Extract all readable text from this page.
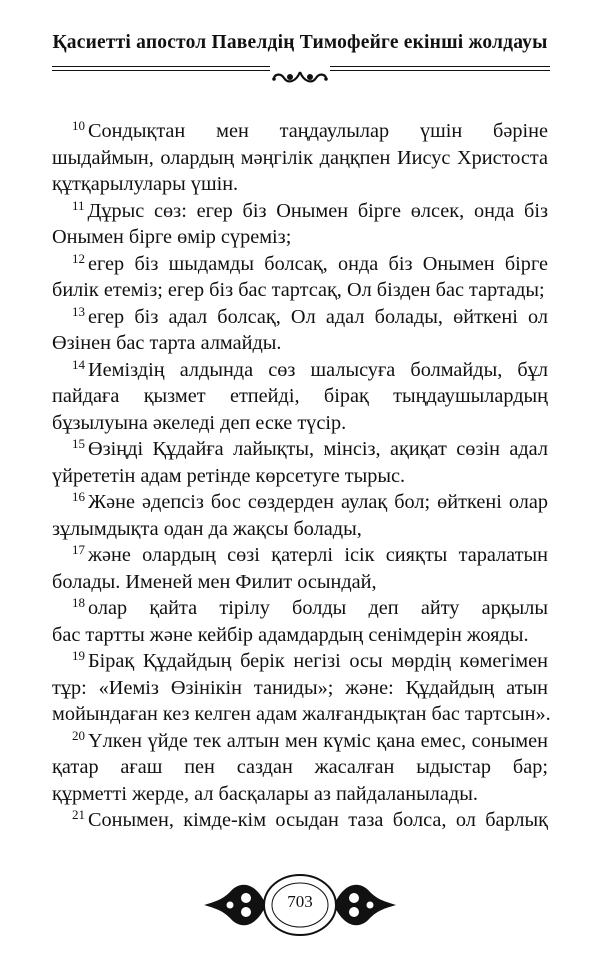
Қасиетті апостол Павелдің Тимофейге екінші жолдауы
$^{10}$ Сондықтан мен таңдаулылар үшін бәріне
шыдаймын, олардың мәңгілік даңқпен Иисус Христоста
құтқарылулары үшін.
$^{11}$ Дұрыс сөз: егер біз Онымен бірге өлсек, онда біз
Онымен бірге өмір сүреміз;
$^{12}$ егер біз шыдамды болсақ, онда біз Онымен бірге
билік етеміз; егер біз бас тартсақ, Ол бізден бас тартады;
$^{13}$ егер біз адал болсақ, Ол адал болады, өйткені ол
Өзінен бас тарта алмайды.
$^{14}$ Иеміздің алдында сөз шалысуға болмайды, бұл
пайдаға қызмет етпейді, бірақ тыңдаушылардың
бұзылуына әкеледі деп еске түсір.
$^{15}$ Өзіңді Құдайға лайықты, мінсіз, ақиқат сөзін адал
үйрететін адам ретінде көрсетуге тырыс.
$^{16}$ Және әдепсіз бос сөздерден аулақ бол; өйткені олар
зұлымдықта одан да жақсы болады,
$^{17}$ және олардың сөзі қатерлі ісік сияқты таралатын
болады. Именей мен Филит осындай,
$^{18}$ олар қайта тірілу болды деп айту арқылы
бас тартты және кейбір адамдардың сенімдерін жояды.
$^{19}$ Бірақ Құдайдың берік негізі осы мөрдің көмегімен
тұр: «Иеміз Өзінікін таниды»; және: Құдайдың атын
мойындаған кез келген адам жалғандықтан бас тартсын».
$^{20}$ Үлкен үйде тек алтын мен күміс қана емес, сонымен
қатар ағаш пен саздан жасалған ыдыстар бар;
құрметті жерде, ал басқалары аз пайдаланылады.
$^{21}$ Сонымен, кімде-кім осыдан таза болса, ол барлық
703
